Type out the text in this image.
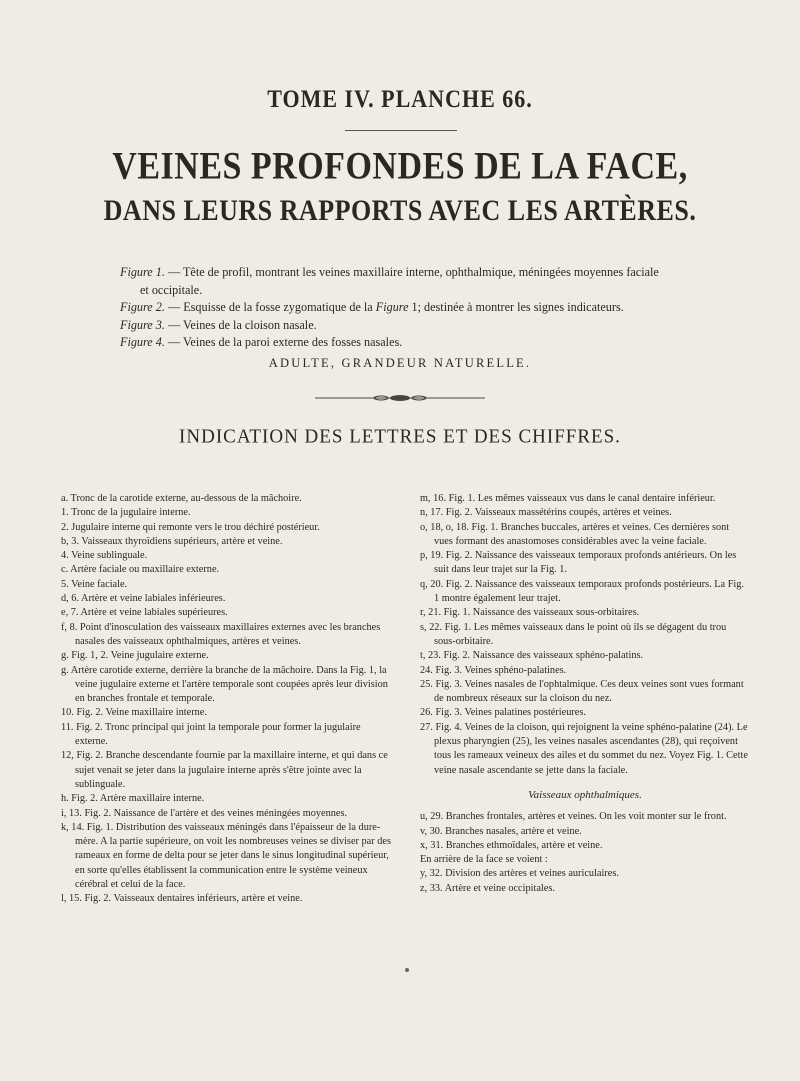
TOME IV. PLANCHE 66.
VEINES PROFONDES DE LA FACE,
DANS LEURS RAPPORTS AVEC LES ARTÈRES.

Figure 1. — Tête de profil, montrant les veines maxillaire interne, ophthalmique, méningées moyennes faciale

et occipitale.

Figure 2. — Esquisse de la fosse zygomatique de la Figure 1; destinée à montrer les signes indicateurs.

Figure 3. — Veines de la cloison nasale.

Figure 4. — Veines de la paroi externe des fosses nasales.

ADULTE, GRANDEUR NATURELLE.
INDICATION DES LETTRES ET DES CHIFFRES.

a. Tronc de la carotide externe, au-dessous de la mâchoire.

1. Tronc de la jugulaire interne.

2. Jugulaire interne qui remonte vers le trou déchiré postérieur.

b, 3. Vaisseaux thyroïdiens supérieurs, artère et veine.

4. Veine sublinguale.

c. Artère faciale ou maxillaire externe.

5. Veine faciale.

d, 6. Artère et veine labiales inférieures.

e, 7. Artère et veine labiales supérieures.

f, 8. Point d'inosculation des vaisseaux maxillaires externes avec les branches nasales des vaisseaux ophthalmiques, artères et veines.

g. Fig. 1, 2. Veine jugulaire externe.

g. Artère carotide externe, derrière la branche de la mâchoire. Dans la Fig. 1, la veine jugulaire externe et l'artère temporale sont coupées après leur division en branches frontale et temporale.

10. Fig. 2. Veine maxillaire interne.

11. Fig. 2. Tronc principal qui joint la temporale pour former la jugulaire externe.

12, Fig. 2. Branche descendante fournie par la maxillaire interne, et qui dans ce sujet venait se jeter dans la jugulaire interne après s'être jointe avec la sublinguale.

h. Fig. 2. Artère maxillaire interne.

i, 13. Fig. 2. Naissance de l'artère et des veines méningées moyennes.

k, 14. Fig. 1. Distribution des vaisseaux méningés dans l'épaisseur de la dure-mère. A la partie supérieure, on voit les nombreuses veines se diviser par des rameaux en forme de delta pour se jeter dans le sinus longitudinal supérieur, en sorte qu'elles établissent la communication entre le système veineux cérébral et celui de la face.

l, 15. Fig. 2. Vaisseaux dentaires inférieurs, artère et veine.

m, 16. Fig. 1. Les mêmes vaisseaux vus dans le canal dentaire inférieur.

n, 17. Fig. 2. Vaisseaux massétérins coupés, artères et veines.

o, 18, o, 18. Fig. 1. Branches buccales, artères et veines. Ces dernières sont vues formant des anastomoses considérables avec la veine faciale.

p, 19. Fig. 2. Naissance des vaisseaux temporaux profonds antérieurs. On les suit dans leur trajet sur la Fig. 1.

q, 20. Fig. 2. Naissance des vaisseaux temporaux profonds postérieurs. La Fig. 1 montre également leur trajet.

r, 21. Fig. 1. Naissance des vaisseaux sous-orbitaires.

s, 22. Fig. 1. Les mêmes vaisseaux dans le point où ils se dégagent du trou sous-orbitaire.

t, 23. Fig. 2. Naissance des vaisseaux sphéno-palatins.

24. Fig. 3. Veines sphéno-palatines.

25. Fig. 3. Veines nasales de l'ophtalmique. Ces deux veines sont vues formant de nombreux réseaux sur la cloison du nez.

26. Fig. 3. Veines palatines postérieures.

27. Fig. 4. Veines de la cloison, qui rejoignent la veine sphéno-palatine (24). Le plexus pharyngien (25), les veines nasales ascendantes (28), qui reçoivent tous les rameaux veineux des ailes et du sommet du nez. Voyez Fig. 1. Cette veine nasale ascendante se jette dans la faciale.

Vaisseaux ophthalmiques.

u, 29. Branches frontales, artères et veines. On les voit monter sur le front.

v, 30. Branches nasales, artère et veine.

x, 31. Branches ethmoïdales, artère et veine.

En arrière de la face se voient :

y, 32. Division des artères et veines auriculaires.

z, 33. Artère et veine occipitales.
